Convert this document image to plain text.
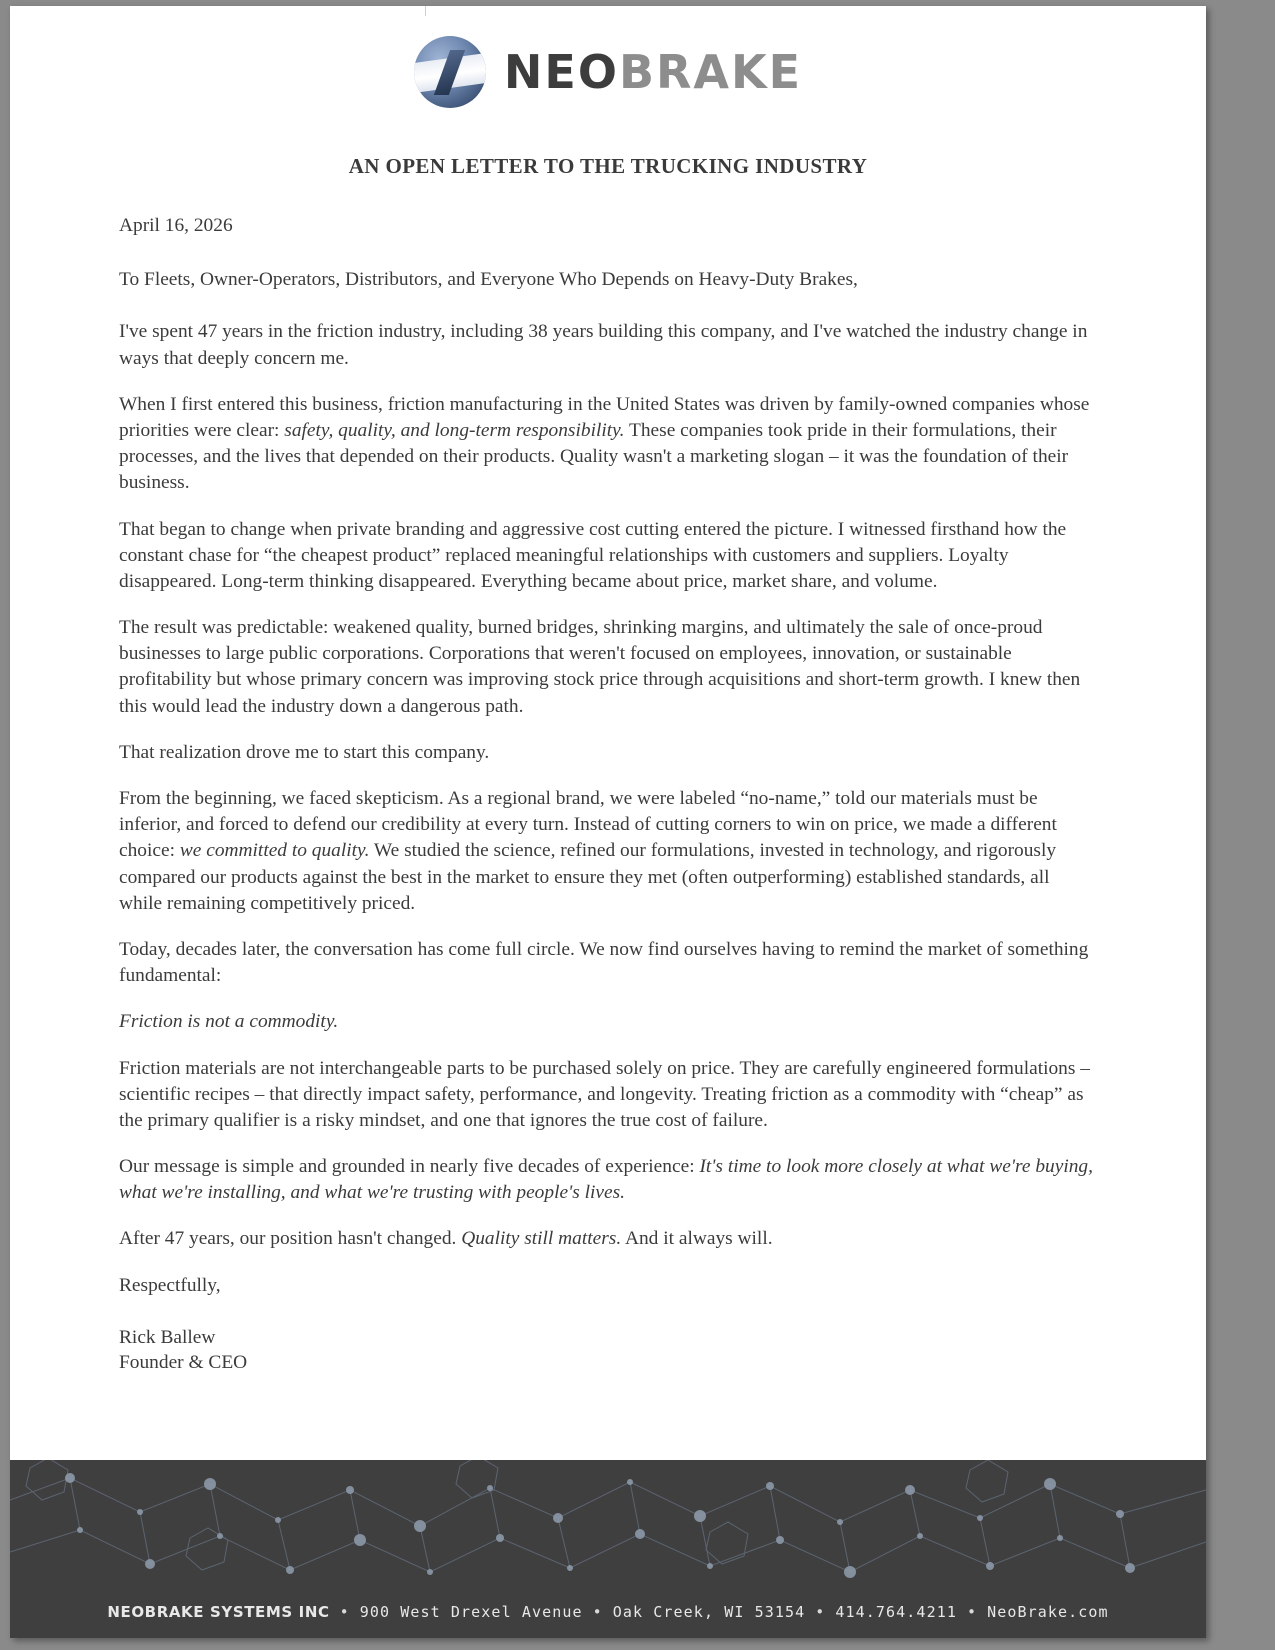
NEOBRAKE
AN OPEN LETTER TO THE TRUCKING INDUSTRY

April 16, 2026

To Fleets, Owner-Operators, Distributors, and Everyone Who Depends on Heavy-Duty Brakes,

I've spent 47 years in the friction industry, including 38 years building this company, and I've watched the industry change in ways that deeply concern me.

When I first entered this business, friction manufacturing in the United States was driven by family-owned companies whose priorities were clear: safety, quality, and long-term responsibility. These companies took pride in their formulations, their processes, and the lives that depended on their products. Quality wasn't a marketing slogan – it was the foundation of their business.

That began to change when private branding and aggressive cost cutting entered the picture. I witnessed firsthand how the constant chase for “the cheapest product” replaced meaningful relationships with customers and suppliers. Loyalty disappeared. Long-term thinking disappeared. Everything became about price, market share, and volume.

The result was predictable: weakened quality, burned bridges, shrinking margins, and ultimately the sale of once-proud businesses to large public corporations. Corporations that weren't focused on employees, innovation, or sustainable profitability but whose primary concern was improving stock price through acquisitions and short-term growth. I knew then this would lead the industry down a dangerous path.

That realization drove me to start this company.

From the beginning, we faced skepticism. As a regional brand, we were labeled “no-name,” told our materials must be inferior, and forced to defend our credibility at every turn. Instead of cutting corners to win on price, we made a different choice: we committed to quality. We studied the science, refined our formulations, invested in technology, and rigorously compared our products against the best in the market to ensure they met (often outperforming) established standards, all while remaining competitively priced.

Today, decades later, the conversation has come full circle. We now find ourselves having to remind the market of something fundamental:

Friction is not a commodity.

Friction materials are not interchangeable parts to be purchased solely on price. They are carefully engineered formulations – scientific recipes – that directly impact safety, performance, and longevity. Treating friction as a commodity with “cheap” as the primary qualifier is a risky mindset, and one that ignores the true cost of failure.

Our message is simple and grounded in nearly five decades of experience: It's time to look more closely at what we're buying, what we're installing, and what we're trusting with people's lives.

After 47 years, our position hasn't changed. Quality still matters. And it always will.

Respectfully,

Rick Ballew
Founder & CEO
NEOBRAKE SYSTEMS INC • 900 West Drexel Avenue • Oak Creek, WI 53154 • 414.764.4211 • NeoBrake.com
